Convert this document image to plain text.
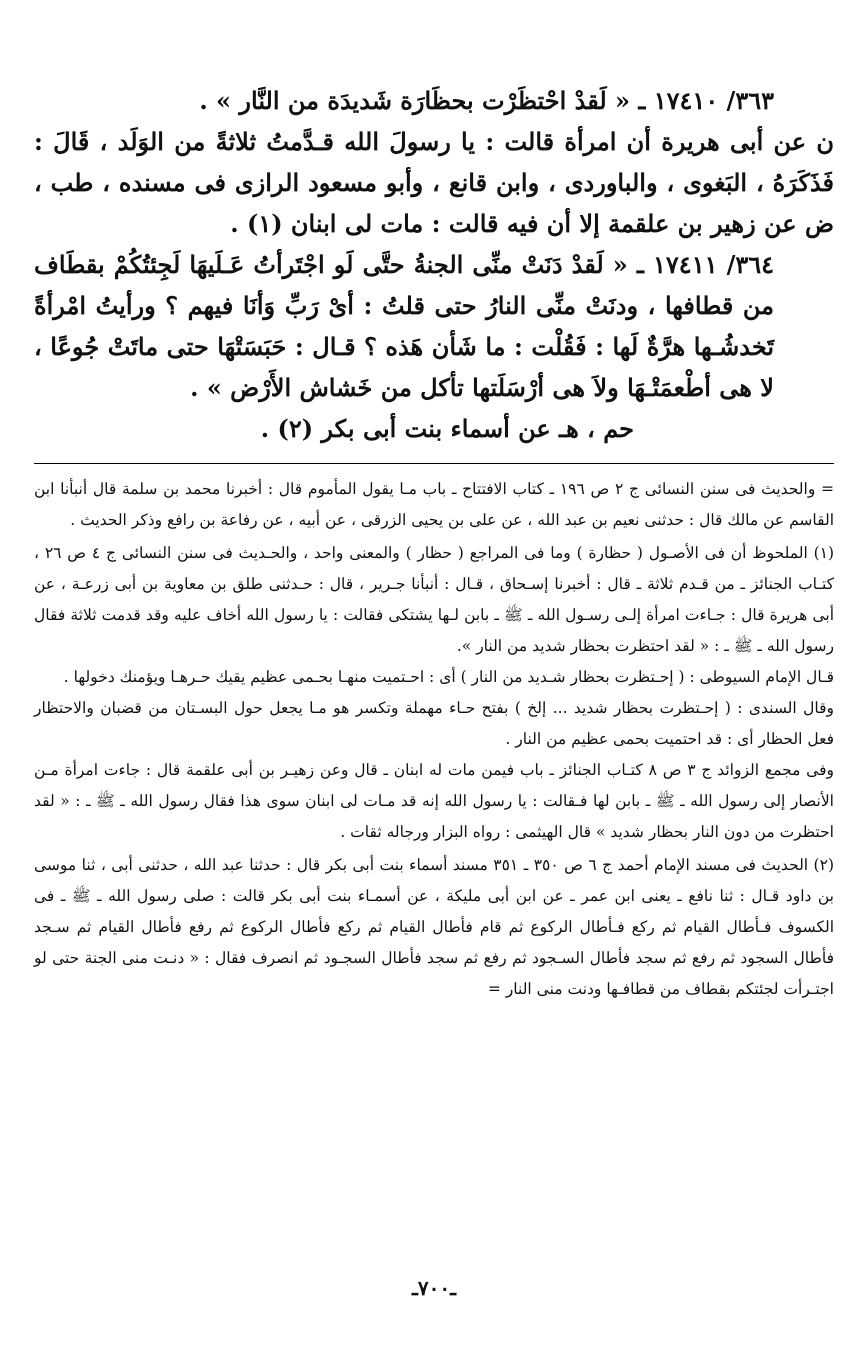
٣٦٣/ ١٧٤١٠ ـ « لَقدْ احْتظَرْت بحظَارَة شَديدَة من النَّار » .

ن عن أبى هريرة أن امرأة قالت : يا رسولَ الله قـدَّمتُ ثلاثةً من الوَلَد ، قَالَ : فَذَكَرَهُ ، البَغوى ، والباوردى ، وابن قانع ، وأبو مسعود الرازى فى مسنده ، طب ، ض عن زهير بن علقمة إلا أن فيه قالت : مات لى ابنان (١) .

٣٦٤/ ١٧٤١١ ـ « لَقدْ دَنَتْ منِّى الجنةُ حتَّى لَو اجْتَرأتُ عَـلَيهَا لَجِئتُكُمْ بقطَاف من قطافها ، ودنَتْ منِّى النارُ حتى قلتُ : أىْ رَبِّ وَأنَا فيهم ؟ ورأيتُ امْرأةً تَخدشُـها هرَّةٌ لَها : فَقُلْت : ما شَأن هَذه ؟ قـال : حَبَسَتْهَا حتى ماتَتْ جُوعًا ، لا هى أطْعمَتْـهَا ولاَ هى أرْسَلَتها تأكل من خَشاش الأَرْض » .

حم ، هـ عن أسماء بنت أبى بكر (٢) .

= والحديث فى سنن النسائى ج ٢ ص ١٩٦ ـ كتاب الافتتاح ـ باب مـا يقول المأموم قال : أخبرنا محمد بن سلمة قال أنبأنا ابن القاسم عن مالك قال : حدثنى نعيم بن عبد الله ، عن على بن يحيى الزرقى ، عن أبيه ، عن رفاعة بن رافع وذكر الحديث .

(١) الملحوظ أن فى الأصـول ( حظارة ) وما فى المراجع ( حظار ) والمعنى واحد ، والحـديث فى سنن النسائى ج ٤ ص ٢٦ ، كتـاب الجنائز ـ من قـدم ثلاثة ـ قال : أخبرنا إسـحاق ، قـال : أنبأنا جـرير ، قال : حـدثنى طلق بن معاوية بن أبى زرعـة ، عن أبى هريرة قال : جـاءت امرأة إلـى رسـول الله ـ ﷺ ـ بابن لـها يشتكى فقالت : يا رسول الله أخاف عليه وقد قدمت ثلاثة فقال رسول الله ـ ﷺ ـ : « لقد احتظرت بحظار شديد من النار ».

قـال الإمام السيوطى : ( إحـتظرت بحظار شـديد من النار ) أى : احـتميت منهـا بحـمى عظيم يقيك حـرهـا ويؤمنك دخولها .

وقال السندى : ( إحـتظرت بحظار شديد ... إلخ ) بفتح حـاء مهملة وتكسر هو مـا يجعل حول البسـتان من قضبان والاحتظار فعل الحظار أى : قد احتميت بحمى عظيم من النار .

وفى مجمع الزوائد ج ٣ ص ٨ كتـاب الجنائز ـ باب فيمن مات له ابنان ـ قال وعن زهيـر بن أبى علقمة قال : جاءت امرأة مـن الأنصار إلى رسول الله ـ ﷺ ـ بابن لها فـقالت : يا رسول الله إنه قد مـات لى ابنان سوى هذا فقال رسول الله ـ ﷺ ـ : « لقد احتظرت من دون النار بحظار شديد » قال الهيثمى : رواه البزار ورجاله ثقات .

(٢) الحديث فى مسند الإمام أحمد ج ٦ ص ٣٥٠ ـ ٣٥١ مسند أسماء بنت أبى بكر قال : حدثنا عبد الله ، حدثنى أبى ، ثنا موسى بن داود قـال : ثنا نافع ـ يعنى ابن عمر ـ عن ابن أبى مليكة ، عن أسمـاء بنت أبى بكر قالت : صلى رسول الله ـ ﷺ ـ فى الكسوف فـأطال القيام ثم ركع فـأطال الركوع ثم قام فأطال القيام ثم ركع فأطال الركوع ثم رفع فأطال القيام ثم سـجد فأطال السجود ثم رفع ثم سجد فأطال السـجود ثم رفع ثم سجد فأطال السجـود ثم انصرف فقال : « دنـت منى الجنة حتى لو اجتـرأت لجئتكم بقطاف من قطافـها ودنت منى النار =

ـ٧٠٠ـ
